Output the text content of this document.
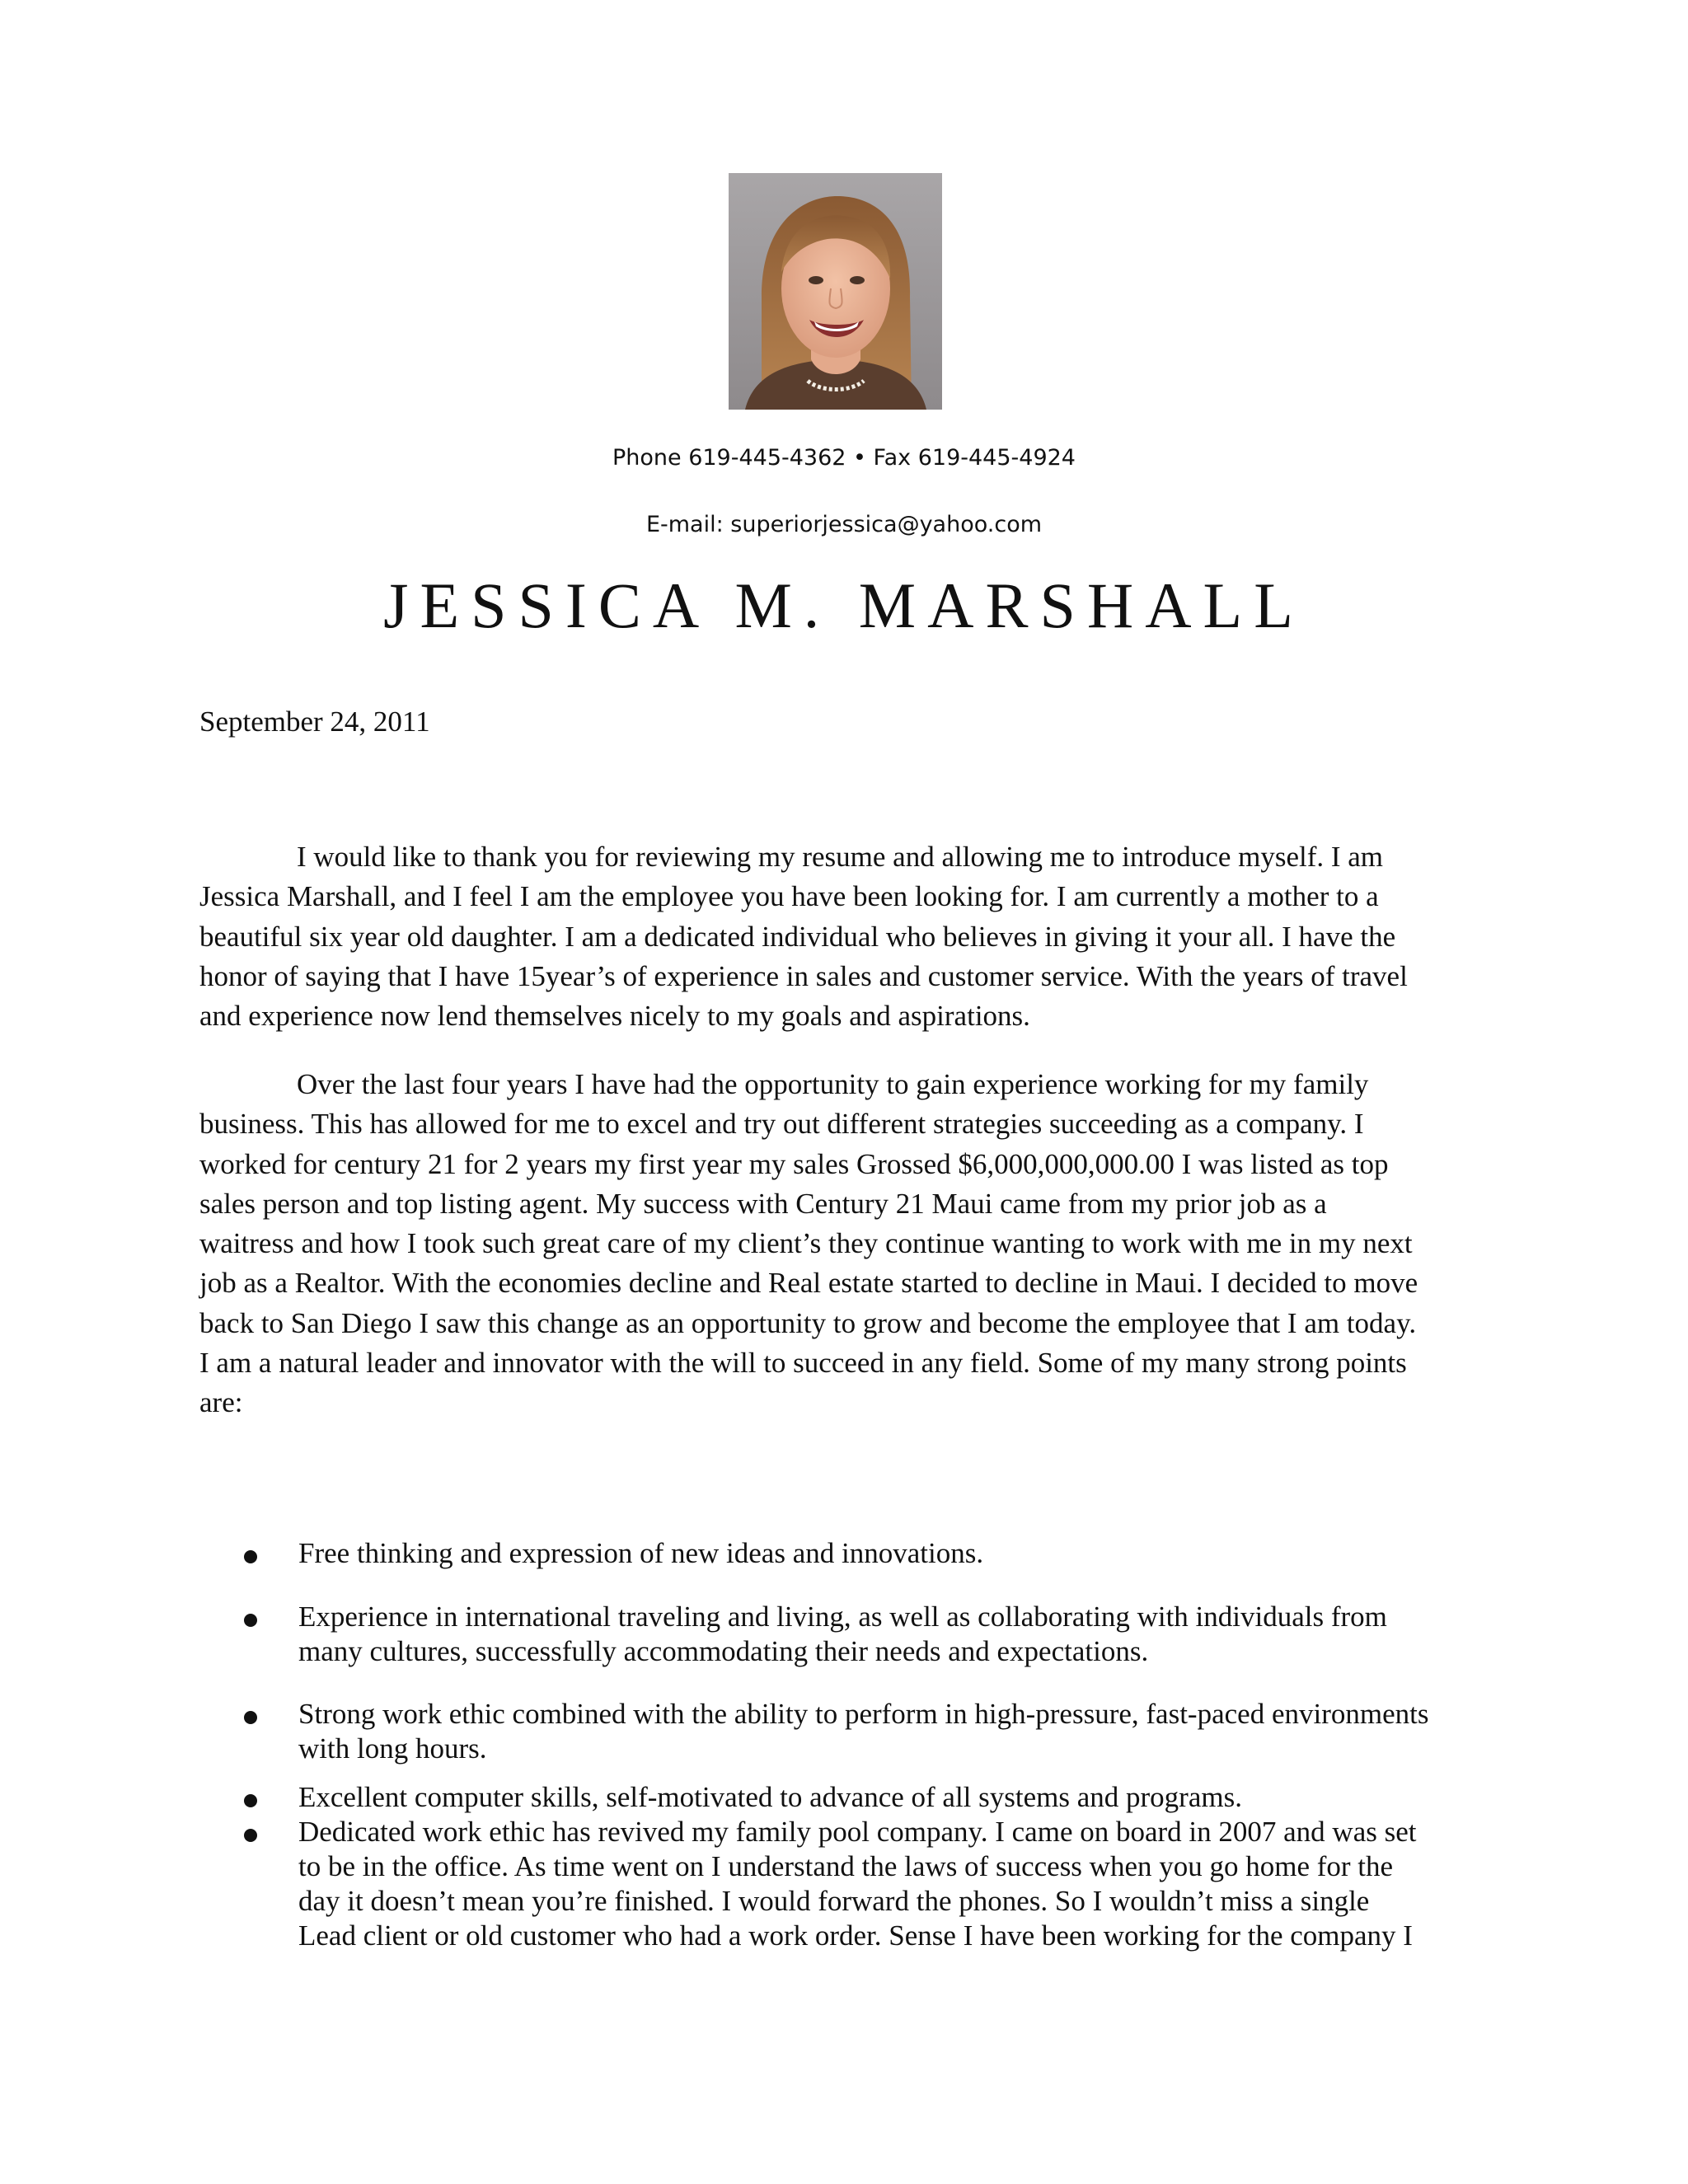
Phone 619-445-4362 • Fax 619-445-4924

E-mail: superiorjessica@yahoo.com

JESSICA M. MARSHALL

September 24, 2011

I would like to thank you for reviewing my resume and allowing me to introduce myself. I am
Jessica Marshall, and I feel I am the employee you have been looking for. I am currently a mother to a
beautiful six year old daughter. I am a dedicated individual who believes in giving it your all. I have the
honor of saying that I have 15year’s of experience in sales and customer service. With the years of travel
and experience now lend themselves nicely to my goals and aspirations.
Over the last four years I have had the opportunity to gain experience working for my family
business. This has allowed for me to excel and try out different strategies succeeding as a company. I
worked for century 21 for 2 years my first year my sales Grossed $6,000,000,000.00 I was listed as top
sales person and top listing agent. My success with Century 21 Maui came from my prior job as a
waitress and how I took such great care of my client’s they continue wanting to work with me in my next
job as a Realtor. With the economies decline and Real estate started to decline in Maui. I decided to move
back to San Diego I saw this change as an opportunity to grow and become the employee that I am today.
I am a natural leader and innovator with the will to succeed in any field. Some of my many strong points
are:

Free thinking and expression of new ideas and innovations.

Experience in international traveling and living, as well as collaborating with individuals from
many cultures, successfully accommodating their needs and expectations.

Strong work ethic combined with the ability to perform in high-pressure, fast-paced environments
with long hours.

Excellent computer skills, self-motivated to advance of all systems and programs.

Dedicated work ethic has revived my family pool company. I came on board in 2007 and was set
to be in the office. As time went on I understand the laws of success when you go home for the
day it doesn’t mean you’re finished. I would forward the phones. So I wouldn’t miss a single
Lead client or old customer who had a work order. Sense I have been working for the company I
